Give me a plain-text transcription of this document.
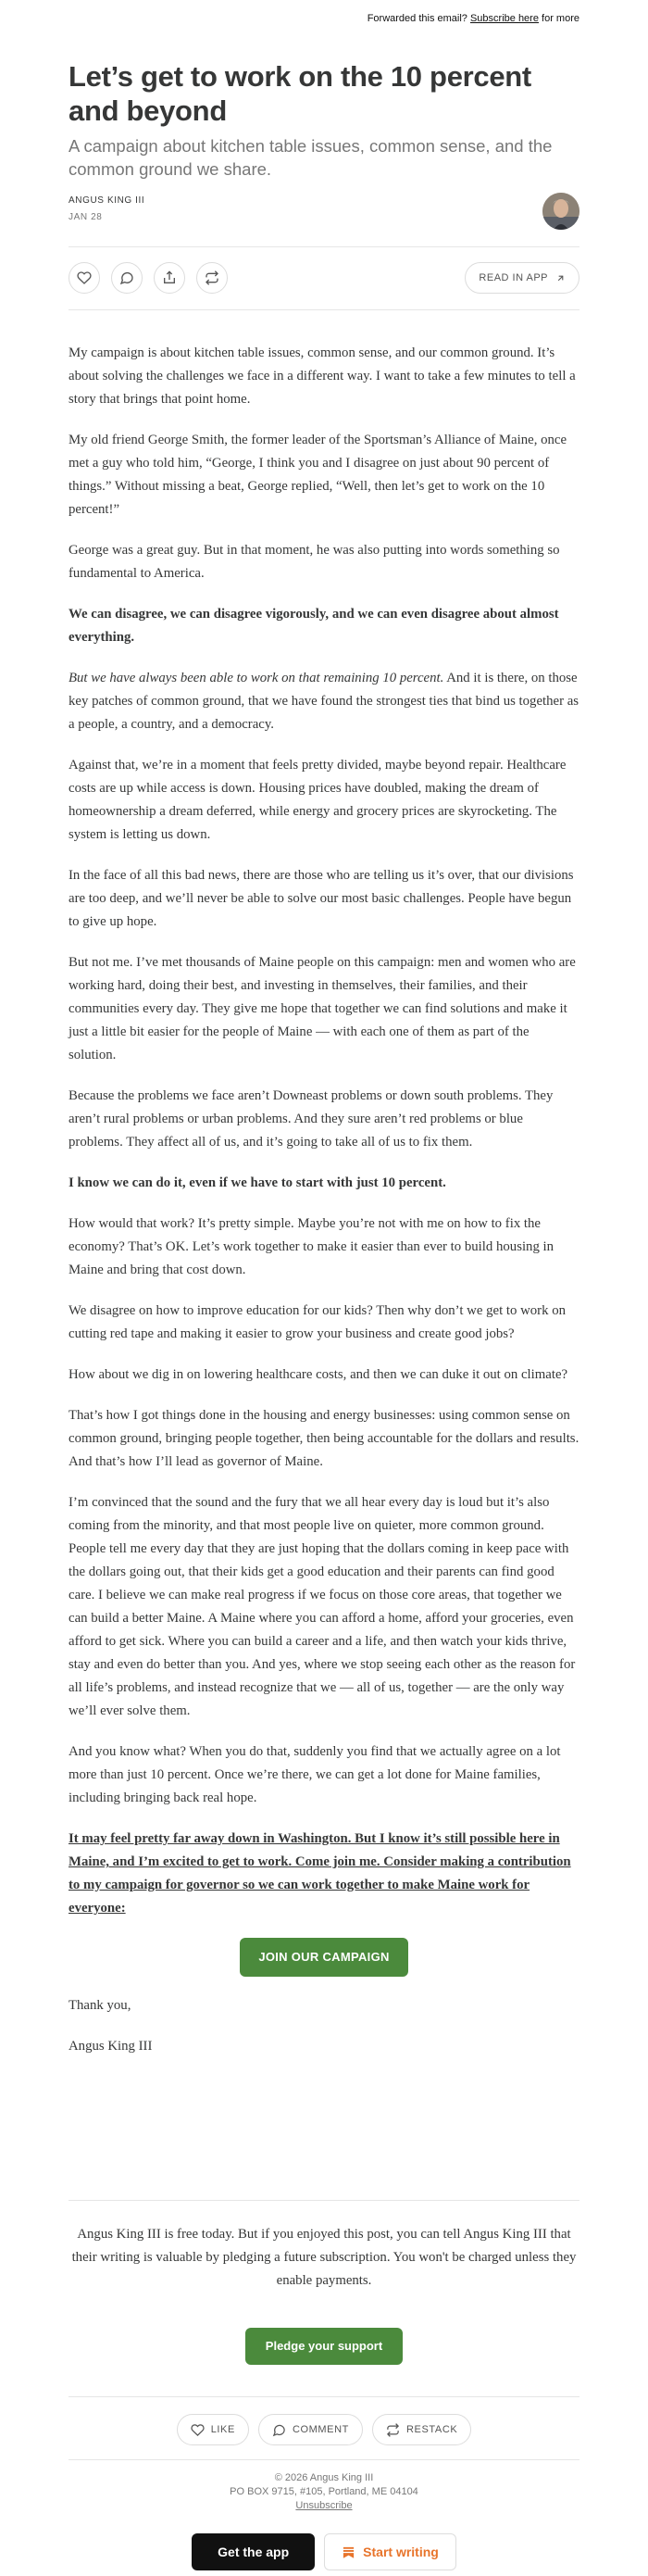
Forwarded this email? Subscribe here for more
Let’s get to work on the 10 percent and beyond
A campaign about kitchen table issues, common sense, and the common ground we share.
ANGUS KING III
JAN 28
READ IN APP

My campaign is about kitchen table issues, common sense, and our common ground. It’s about solving the challenges we face in a different way. I want to take a few minutes to tell a story that brings that point home.

My old friend George Smith, the former leader of the Sportsman’s Alliance of Maine, once met a guy who told him, “George, I think you and I disagree on just about 90 percent of things.” Without missing a beat, George replied, “Well, then let’s get to work on the 10 percent!”

George was a great guy. But in that moment, he was also putting into words something so fundamental to America.

We can disagree, we can disagree vigorously, and we can even disagree about almost everything.

But we have always been able to work on that remaining 10 percent. And it is there, on those key patches of common ground, that we have found the strongest ties that bind us together as a people, a country, and a democracy.

Against that, we’re in a moment that feels pretty divided, maybe beyond repair. Healthcare costs are up while access is down. Housing prices have doubled, making the dream of homeownership a dream deferred, while energy and grocery prices are skyrocketing. The system is letting us down.

In the face of all this bad news, there are those who are telling us it’s over, that our divisions are too deep, and we’ll never be able to solve our most basic challenges. People have begun to give up hope.

But not me. I’ve met thousands of Maine people on this campaign: men and women who are working hard, doing their best, and investing in themselves, their families, and their communities every day. They give me hope that together we can find solutions and make it just a little bit easier for the people of Maine — with each one of them as part of the solution.

Because the problems we face aren’t Downeast problems or down south problems. They aren’t rural problems or urban problems. And they sure aren’t red problems or blue problems. They affect all of us, and it’s going to take all of us to fix them.

I know we can do it, even if we have to start with just 10 percent.

How would that work? It’s pretty simple. Maybe you’re not with me on how to fix the economy? That’s OK. Let’s work together to make it easier than ever to build housing in Maine and bring that cost down.

We disagree on how to improve education for our kids? Then why don’t we get to work on cutting red tape and making it easier to grow your business and create good jobs?

How about we dig in on lowering healthcare costs, and then we can duke it out on climate?

That’s how I got things done in the housing and energy businesses: using common sense on common ground, bringing people together, then being accountable for the dollars and results. And that’s how I’ll lead as governor of Maine.

I’m convinced that the sound and the fury that we all hear every day is loud but it’s also coming from the minority, and that most people live on quieter, more common ground. People tell me every day that they are just hoping that the dollars coming in keep pace with the dollars going out, that their kids get a good education and their parents can find good care. I believe we can make real progress if we focus on those core areas, that together we can build a better Maine. A Maine where you can afford a home, afford your groceries, even afford to get sick. Where you can build a career and a life, and then watch your kids thrive, stay and even do better than you. And yes, where we stop seeing each other as the reason for all life’s problems, and instead recognize that we — all of us, together — are the only way we’ll ever solve them.

And you know what? When you do that, suddenly you find that we actually agree on a lot more than just 10 percent. Once we’re there, we can get a lot done for Maine families, including bringing back real hope.

It may feel pretty far away down in Washington. But I know it’s still possible here in Maine, and I’m excited to get to work. Come join me. Consider making a contribution to my campaign for governor so we can work together to make Maine work for everyone:

JOIN OUR CAMPAIGN

Thank you,

Angus King III

Angus King III is free today. But if you enjoyed this post, you can tell Angus King III that their writing is valuable by pledging a future subscription. You won't be charged unless they enable payments.
Pledge your support
LIKE	COMMENT	RESTACK
© 2026 Angus King III
PO BOX 9715, #105, Portland, ME 04104
Unsubscribe
Get the app	Start writing
